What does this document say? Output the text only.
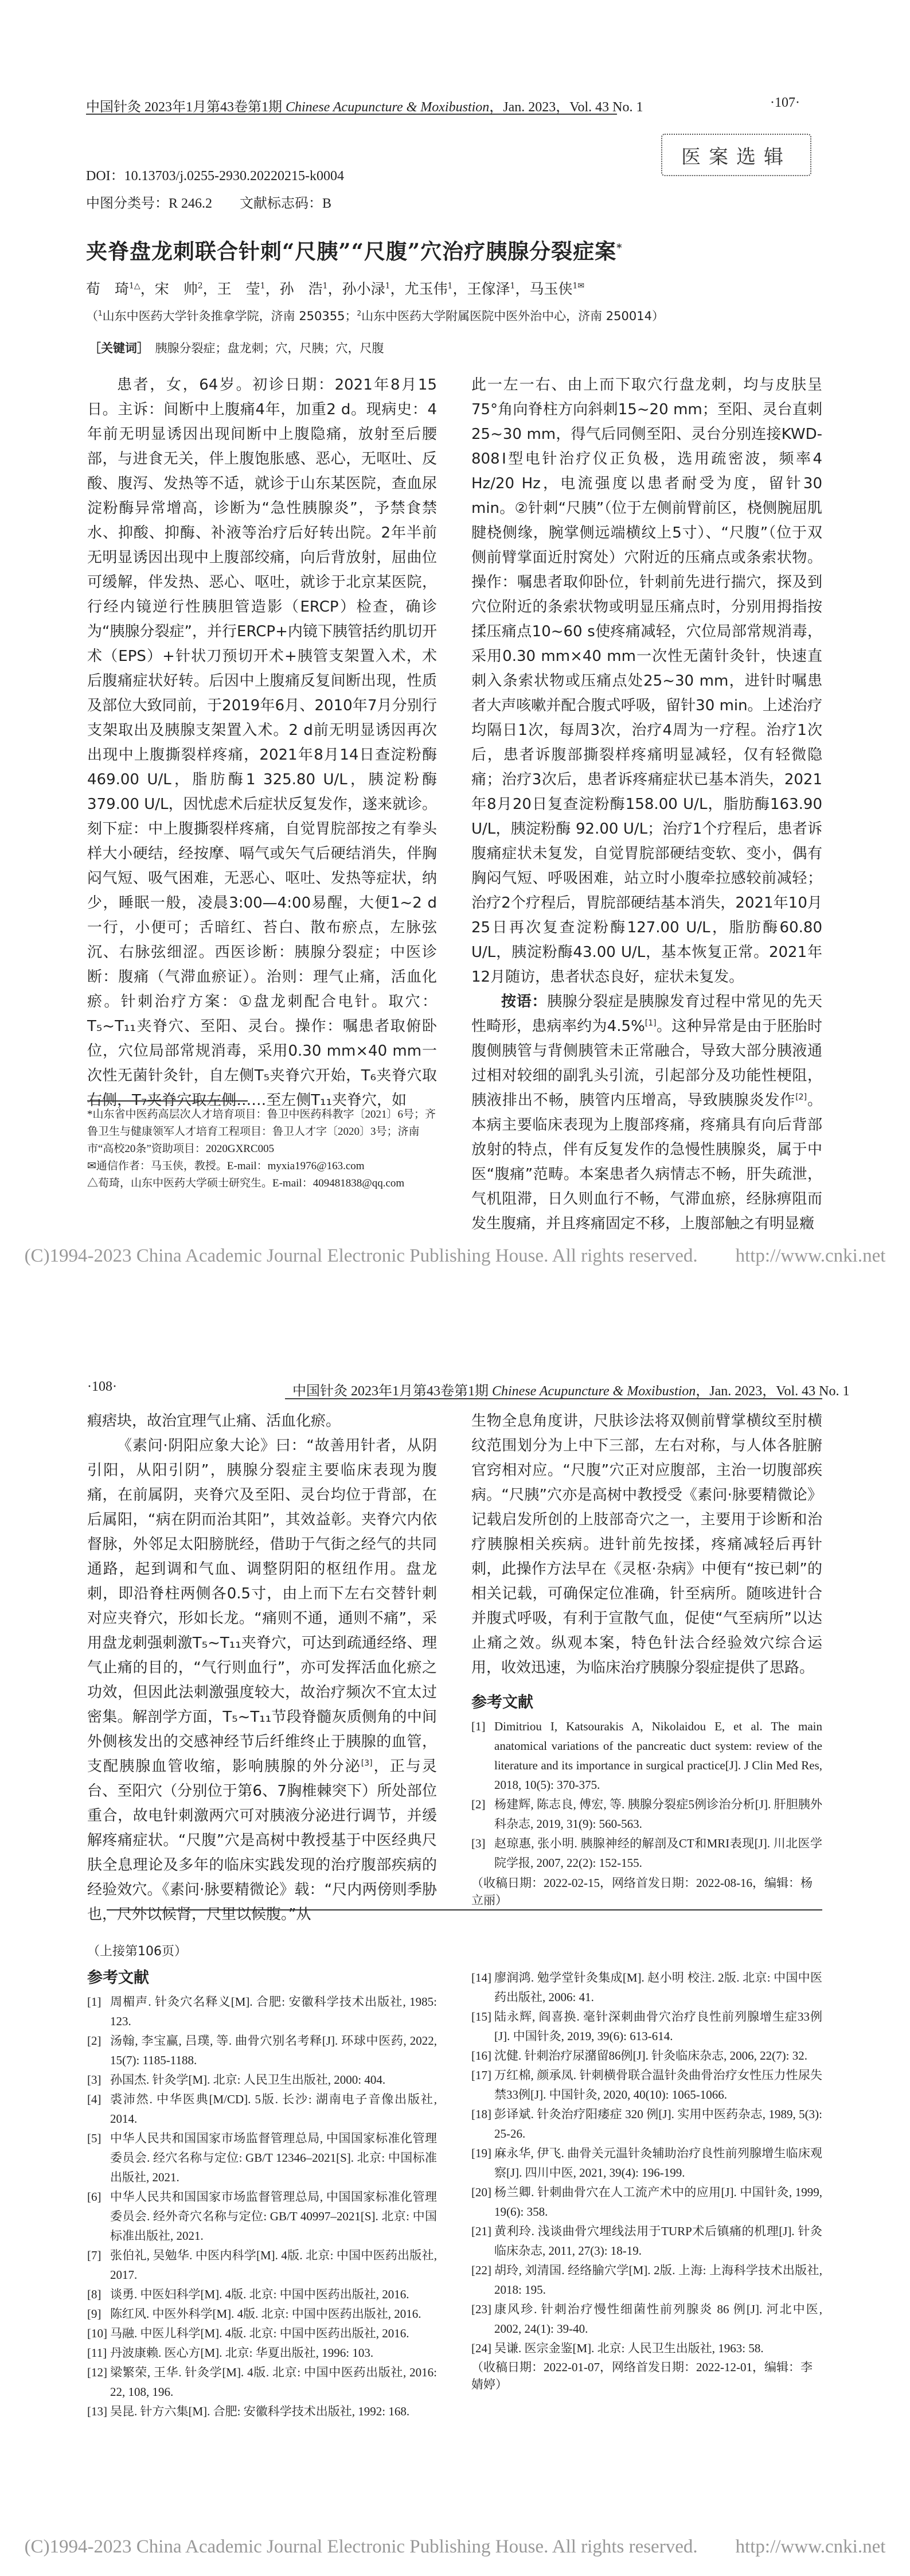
中国针灸 2023年1月第43卷第1期 Chinese Acupuncture & Moxibustion，Jan. 2023，Vol. 43 No. 1	·107·
医案选辑
DOI：10.13703/j.0255-2930.20220215-k0004
中图分类号：R 246.2　　文献标志码：B
夹脊盘龙刺联合针刺“尺胰”“尺腹”穴治疗胰腺分裂症案*
荀　琦$^{1\triangle}$，宋　帅$^2$，王　莹$^1$，孙　浩$^1$，孙小渌$^1$，尤玉伟$^1$，王傢泽$^1$，马玉侠$^{1✉}$
（$^1$山东中医药大学针灸推拿学院，济南 250355；$^2$山东中医药大学附属医院中医外治中心，济南 250014）
［关键词］　 胰腺分裂症；盘龙刺；穴，尺胰；穴，尺腹

患者，女，64岁。初诊日期：2021年8月15日。主诉：间断中上腹痛4年，加重2 d。现病史：4年前无明显诱因出现间断中上腹隐痛，放射至后腰部，与进食无关，伴上腹饱胀感、恶心，无呕吐、反酸、腹泻、发热等不适，就诊于山东某医院，查血尿淀粉酶异常增高，诊断为“急性胰腺炎”，予禁食禁水、抑酸、抑酶、补液等治疗后好转出院。2年半前无明显诱因出现中上腹部绞痛，向后背放射，屈曲位可缓解，伴发热、恶心、呕吐，就诊于北京某医院，行经内镜逆行性胰胆管造影（ERCP）检查，确诊为“胰腺分裂症”，并行ERCP+内镜下胰管括约肌切开术（EPS）+针状刀预切开术+胰管支架置入术，术后腹痛症状好转。后因中上腹痛反复间断出现，性质及部位大致同前，于2019年6月、2010年7月分别行支架取出及胰腺支架置入术。2 d前无明显诱因再次出现中上腹撕裂样疼痛，2021年8月14日查淀粉酶 469.00 U/L，脂肪酶1 325.80 U/L，胰淀粉酶379.00 U/L，因忧虑术后症状反复发作，遂来就诊。刻下症：中上腹撕裂样疼痛，自觉胃脘部按之有拳头样大小硬结，经按摩、嗝气或矢气后硬结消失，伴胸闷气短、吸气困难，无恶心、呕吐、发热等症状，纳少，睡眠一般，凌晨3:00—4:00易醒，大便1~2 d一行，小便可；舌暗红、苔白、散布瘀点，左脉弦沉、右脉弦细涩。西医诊断：胰腺分裂症；中医诊断：腹痛（气滞血瘀证）。治则：理气止痛，活血化瘀。针刺治疗方案：①盘龙刺配合电针。取穴：T₅~T₁₁夹脊穴、至阳、灵台。操作：嘱患者取俯卧位，穴位局部常规消毒，采用0.30 mm×40 mm一次性无菌针灸针，自左侧T₅夹脊穴开始，T₆夹脊穴取右侧，T₇夹脊穴取左侧……至左侧T₁₁夹脊穴，如

此一左一右、由上而下取穴行盘龙刺，均与皮肤呈75°角向脊柱方向斜刺15~20 mm；至阳、灵台直刺25~30 mm，得气后同侧至阳、灵台分别连接KWD-808Ⅰ型电针治疗仪正负极，选用疏密波，频率4 Hz/20 Hz，电流强度以患者耐受为度，留针30 min。②针刺“尺胰”（位于左侧前臂前区，桡侧腕屈肌腱桡侧缘，腕掌侧远端横纹上5寸）、“尺腹”（位于双侧前臂掌面近肘窝处）穴附近的压痛点或条索状物。操作：嘱患者取仰卧位，针刺前先进行揣穴，探及到穴位附近的条索状物或明显压痛点时，分别用拇指按揉压痛点10~60 s使疼痛减轻，穴位局部常规消毒，采用0.30 mm×40 mm一次性无菌针灸针，快速直刺入条索状物或压痛点处25~30 mm，进针时嘱患者大声咳嗽并配合腹式呼吸，留针30 min。上述治疗均隔日1次，每周3次，治疗4周为一疗程。治疗1次后，患者诉腹部撕裂样疼痛明显减轻，仅有轻微隐痛；治疗3次后，患者诉疼痛症状已基本消失，2021年8月20日复查淀粉酶158.00 U/L，脂肪酶163.90 U/L，胰淀粉酶 92.00 U/L；治疗1个疗程后，患者诉腹痛症状未复发，自觉胃脘部硬结变软、变小，偶有胸闷气短、呼吸困难，站立时小腹牵拉感较前减轻；治疗2个疗程后，胃脘部硬结基本消失，2021年10月25日再次复查淀粉酶127.00 U/L，脂肪酶60.80 U/L，胰淀粉酶43.00 U/L，基本恢复正常。2021年12月随访，患者状态良好，症状未复发。

按语：胰腺分裂症是胰腺发育过程中常见的先天性畸形，患病率约为4.5%[1]。这种异常是由于胚胎时腹侧胰管与背侧胰管未正常融合，导致大部分胰液通过相对较细的副乳头引流，引起部分及功能性梗阻，胰液排出不畅，胰管内压增高，导致胰腺炎发作[2]。本病主要临床表现为上腹部疼痛，疼痛具有向后背部放射的特点，伴有反复发作的急慢性胰腺炎，属于中医“腹痛”范畴。本案患者久病情志不畅，肝失疏泄，气机阻滞，日久则血行不畅，气滞血瘀，经脉痹阻而发生腹痛，并且疼痛固定不移，上腹部触之有明显癥

*山东省中医药高层次人才培育项目：鲁卫中医药科教字〔2021〕6号；齐鲁卫生与健康领军人才培育工程项目：鲁卫人才字〔2020〕3号；济南市“高校20条”资助项目：2020GXRC005
✉通信作者：马玉侠，教授。E-mail：myxia1976@163.com
△荀琦，山东中医药大学硕士研究生。E-mail：409481838@qq.com
(C)1994-2023 China Academic Journal Electronic Publishing House. All rights reserved.　　http://www.cnki.net
·108·	中国针灸 2023年1月第43卷第1期 Chinese Acupuncture & Moxibustion，Jan. 2023，Vol. 43 No. 1

瘕痞块，故治宜理气止痛、活血化瘀。

《素问·阴阳应象大论》曰：“故善用针者，从阴引阳，从阳引阴”，胰腺分裂症主要临床表现为腹痛，在前属阴，夹脊穴及至阳、灵台均位于背部，在后属阳，“病在阴而治其阳”，其效益彰。夹脊穴内依督脉，外邻足太阳膀胱经，借助于气街之经气的共同通路，起到调和气血、调整阴阳的枢纽作用。盘龙刺，即沿脊柱两侧各0.5寸，由上而下左右交替针刺对应夹脊穴，形如长龙。“痛则不通，通则不痛”，采用盘龙刺强刺激T₅~T₁₁夹脊穴，可达到疏通经络、理气止痛的目的，“气行则血行”，亦可发挥活血化瘀之功效，但因此法刺激强度较大，故治疗频次不宜太过密集。解剖学方面，T₅~T₁₁节段脊髓灰质侧角的中间外侧核发出的交感神经节后纤维终止于胰腺的血管，支配胰腺血管收缩，影响胰腺的外分泌[3]，正与灵台、至阳穴（分别位于第6、7胸椎棘突下）所处部位重合，故电针刺激两穴可对胰液分泌进行调节，并缓解疼痛症状。“尺腹”穴是高树中教授基于中医经典尺肤全息理论及多年的临床实践发现的治疗腹部疾病的经验效穴。《素问·脉要精微论》载：“尺内两傍则季胁也，尺外以候肾，尺里以候腹。”从

生物全息角度讲，尺肤诊法将双侧前臂掌横纹至肘横纹范围划分为上中下三部，左右对称，与人体各脏腑官窍相对应。“尺腹”穴正对应腹部，主治一切腹部疾病。“尺胰”穴亦是高树中教授受《素问·脉要精微论》记载启发所创的上肢部奇穴之一，主要用于诊断和治疗胰腺相关疾病。进针前先按揉，疼痛减轻后再针刺，此操作方法早在《灵枢·杂病》中便有“按已刺”的相关记载，可确保定位准确，针至病所。随咳进针合并腹式呼吸，有利于宣散气血，促使“气至病所”以达止痛之效。纵观本案，特色针法合经验效穴综合运用，收效迅速，为临床治疗胰腺分裂症提供了思路。

参考文献
[1] Dimitriou I, Katsourakis A, Nikolaidou E, et al. The main anatomical variations of the pancreatic duct system: review of the literature and its importance in surgical practice[J]. J Clin Med Res, 2018, 10(5): 370-375.
[2] 杨建辉, 陈志良, 傅宏, 等. 胰腺分裂症5例诊治分析[J]. 肝胆胰外科杂志, 2019, 31(9): 560-563.
[3] 赵琼惠, 张小明. 胰腺神经的解剖及CT和MRI表现[J]. 川北医学院学报, 2007, 22(2): 152-155.
（收稿日期：2022-02-15，网络首发日期：2022-08-16，编辑：杨立丽）
（上接第106页）
参考文献
[1] 周楣声. 针灸穴名释义[M]. 合肥: 安徽科学技术出版社, 1985: 123.
[2] 汤翰, 李宝赢, 吕璞, 等. 曲骨穴别名考释[J]. 环球中医药, 2022, 15(7): 1185-1188.
[3] 孙国杰. 针灸学[M]. 北京: 人民卫生出版社, 2000: 404.
[4] 裘沛然. 中华医典[M/CD]. 5版. 长沙: 湖南电子音像出版社, 2014.
[5] 中华人民共和国国家市场监督管理总局, 中国国家标准化管理委员会. 经穴名称与定位: GB/T 12346–2021[S]. 北京: 中国标准出版社, 2021.
[6] 中华人民共和国国家市场监督管理总局, 中国国家标准化管理委员会. 经外奇穴名称与定位: GB/T 40997–2021[S]. 北京: 中国标准出版社, 2021.
[7] 张伯礼, 吴勉华. 中医内科学[M]. 4版. 北京: 中国中医药出版社, 2017.
[8] 谈勇. 中医妇科学[M]. 4版. 北京: 中国中医药出版社, 2016.
[9] 陈红风. 中医外科学[M]. 4版. 北京: 中国中医药出版社, 2016.
[10] 马融. 中医儿科学[M]. 4版. 北京: 中国中医药出版社, 2016.
[11] 丹波康赖. 医心方[M]. 北京: 华夏出版社, 1996: 103.
[12] 梁繁荣, 王华. 针灸学[M]. 4版. 北京: 中国中医药出版社, 2016: 22, 108, 196.
[13] 吴昆. 针方六集[M]. 合肥: 安徽科学技术出版社, 1992: 168.
[14] 廖润鸿. 勉学堂针灸集成[M]. 赵小明 校注. 2版. 北京: 中国中医药出版社, 2006: 41.
[15] 陆永辉, 阎喜换. 毫针深刺曲骨穴治疗良性前列腺增生症33例[J]. 中国针灸, 2019, 39(6): 613-614.
[16] 沈健. 针刺治疗尿潴留86例[J]. 针灸临床杂志, 2006, 22(7): 32.
[17] 万红棉, 颜承凤. 针刺横骨联合温针灸曲骨治疗女性压力性尿失禁33例[J]. 中国针灸, 2020, 40(10): 1065-1066.
[18] 彭译斌. 针灸治疗阳痿症 320 例[J]. 实用中医药杂志, 1989, 5(3): 25-26.
[19] 麻永华, 伊飞. 曲骨关元温针灸辅助治疗良性前列腺增生临床观察[J]. 四川中医, 2021, 39(4): 196-199.
[20] 杨兰卿. 针刺曲骨穴在人工流产术中的应用[J]. 中国针灸, 1999, 19(6): 358.
[21] 黄利玲. 浅谈曲骨穴埋线法用于TURP术后镇痛的机理[J]. 针灸临床杂志, 2011, 27(3): 18-19.
[22] 胡玲, 刘清国. 经络腧穴学[M]. 2版. 上海: 上海科学技术出版社, 2018: 195.
[23] 康风珍. 针刺治疗慢性细菌性前列腺炎 86 例[J]. 河北中医, 2002, 24(1): 39-40.
[24] 吴谦. 医宗金鉴[M]. 北京: 人民卫生出版社, 1963: 58.
（收稿日期：2022-01-07，网络首发日期：2022-12-01，编辑：李婧婷）
(C)1994-2023 China Academic Journal Electronic Publishing House. All rights reserved.　　http://www.cnki.net
